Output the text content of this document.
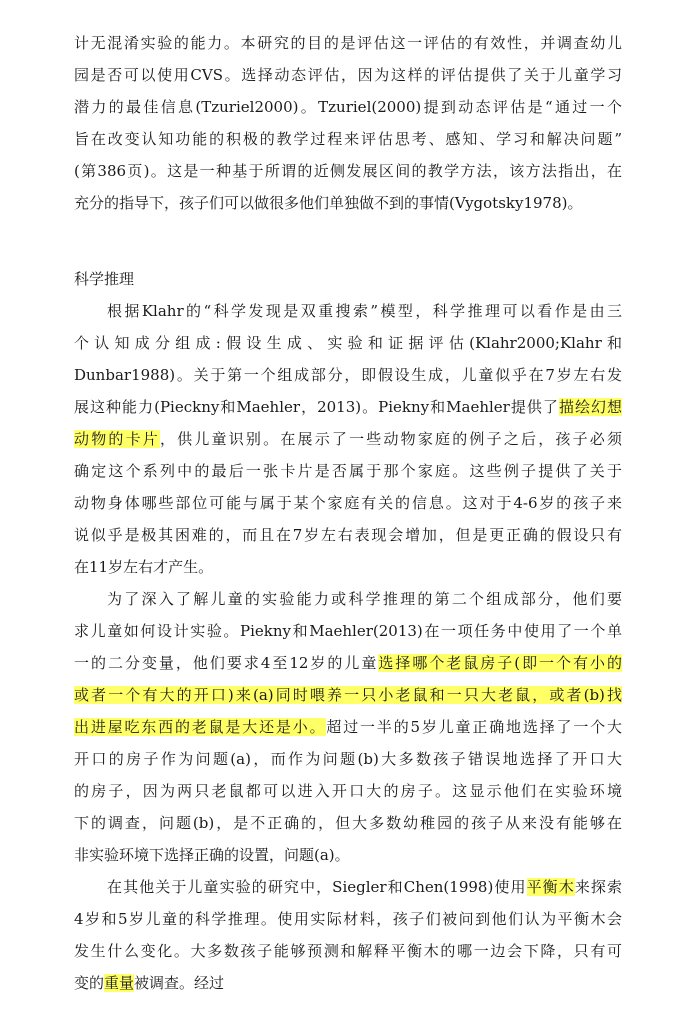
计无混淆实验的能力。本研究的目的是评估这一评估的有效性，并调查幼儿
园是否可以使用CVS。选择动态评估，因为这样的评估提供了关于儿童学习
潜力的最佳信息(Tzuriel2000)。Tzuriel(2000)提到动态评估是“通过一个
旨在改变认知功能的积极的教学过程来评估思考、感知、学习和解决问题”
(第386页)。这是一种基于所谓的近侧发展区间的教学方法，该方法指出，在
充分的指导下，孩子们可以做很多他们单独做不到的事情(Vygotsky1978)。
科学推理
根据Klahr的“科学发现是双重搜索”模型，科学推理可以看作是由三
个认知成分组成:假设生成、实验和证据评估(Klahr2000;Klahr和
Dunbar1988)。关于第一个组成部分，即假设生成，儿童似乎在7岁左右发
展这种能力(Pieckny和Maehler，2013)。Piekny和Maehler提供了描绘幻想
动物的卡片，供儿童识别。在展示了一些动物家庭的例子之后，孩子必须
确定这个系列中的最后一张卡片是否属于那个家庭。这些例子提供了关于
动物身体哪些部位可能与属于某个家庭有关的信息。这对于4-6岁的孩子来
说似乎是极其困难的，而且在7岁左右表现会增加，但是更正确的假设只有
在11岁左右才产生。
为了深入了解儿童的实验能力或科学推理的第二个组成部分，他们要
求儿童如何设计实验。Piekny和Maehler(2013)在一项任务中使用了一个单
一的二分变量，他们要求4至12岁的儿童选择哪个老鼠房子(即一个有小的
或者一个有大的开口)来(a)同时喂养一只小老鼠和一只大老鼠，或者(b)找
出进屋吃东西的老鼠是大还是小。超过一半的5岁儿童正确地选择了一个大
开口的房子作为问题(a)，而作为问题(b)大多数孩子错误地选择了开口大
的房子，因为两只老鼠都可以进入开口大的房子。这显示他们在实验环境
下的调查，问题(b)，是不正确的，但大多数幼稚园的孩子从来没有能够在
非实验环境下选择正确的设置，问题(a)。
在其他关于儿童实验的研究中，Siegler和Chen(1998)使用平衡木来探索
4岁和5岁儿童的科学推理。使用实际材料，孩子们被问到他们认为平衡木会
发生什么变化。大多数孩子能够预测和解释平衡木的哪一边会下降，只有可
变的重量被调查。经过
